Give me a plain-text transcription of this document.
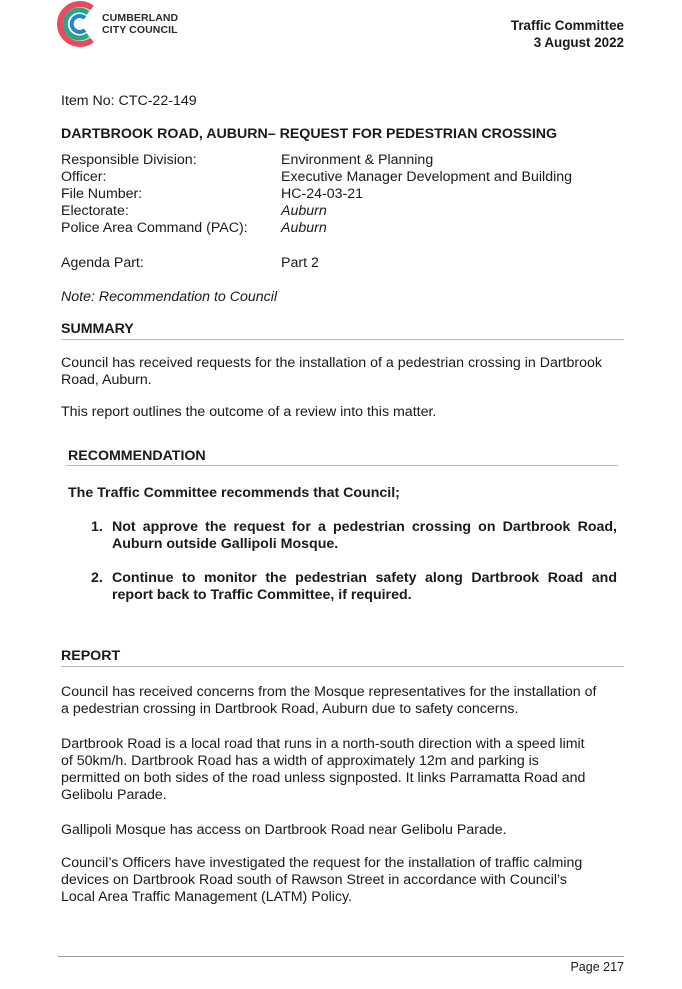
CUMBERLAND
CITY COUNCIL	Traffic Committee
3 August 2022
Item No: CTC-22-149
DARTBROOK ROAD, AUBURN– REQUEST FOR PEDESTRIAN CROSSING
Responsible Division:	Environment & Planning
Officer:	Executive Manager Development and Building
File Number:	HC-24-03-21
Electorate:	Auburn
Police Area Command (PAC): Auburn
Agenda Part:	Part 2
Note: Recommendation to Council
SUMMARY
Council has received requests for the installation of a pedestrian crossing in Dartbrook
Road, Auburn.
This report outlines the outcome of a review into this matter.
RECOMMENDATION
The Traffic Committee recommends that Council;
1. Not approve the request for a pedestrian crossing on Dartbrook Road,
Auburn outside Gallipoli Mosque.
2. Continue to monitor the pedestrian safety along Dartbrook Road and
report back to Traffic Committee, if required.
REPORT
Council has received concerns from the Mosque representatives for the installation of
a pedestrian crossing in Dartbrook Road, Auburn due to safety concerns.
Dartbrook Road is a local road that runs in a north-south direction with a speed limit
of 50km/h. Dartbrook Road has a width of approximately 12m and parking is
permitted on both sides of the road unless signposted. It links Parramatta Road and
Gelibolu Parade.
Gallipoli Mosque has access on Dartbrook Road near Gelibolu Parade.
Council’s Officers have investigated the request for the installation of traffic calming
devices on Dartbrook Road south of Rawson Street in accordance with Council’s
Local Area Traffic Management (LATM) Policy.
Page 217
